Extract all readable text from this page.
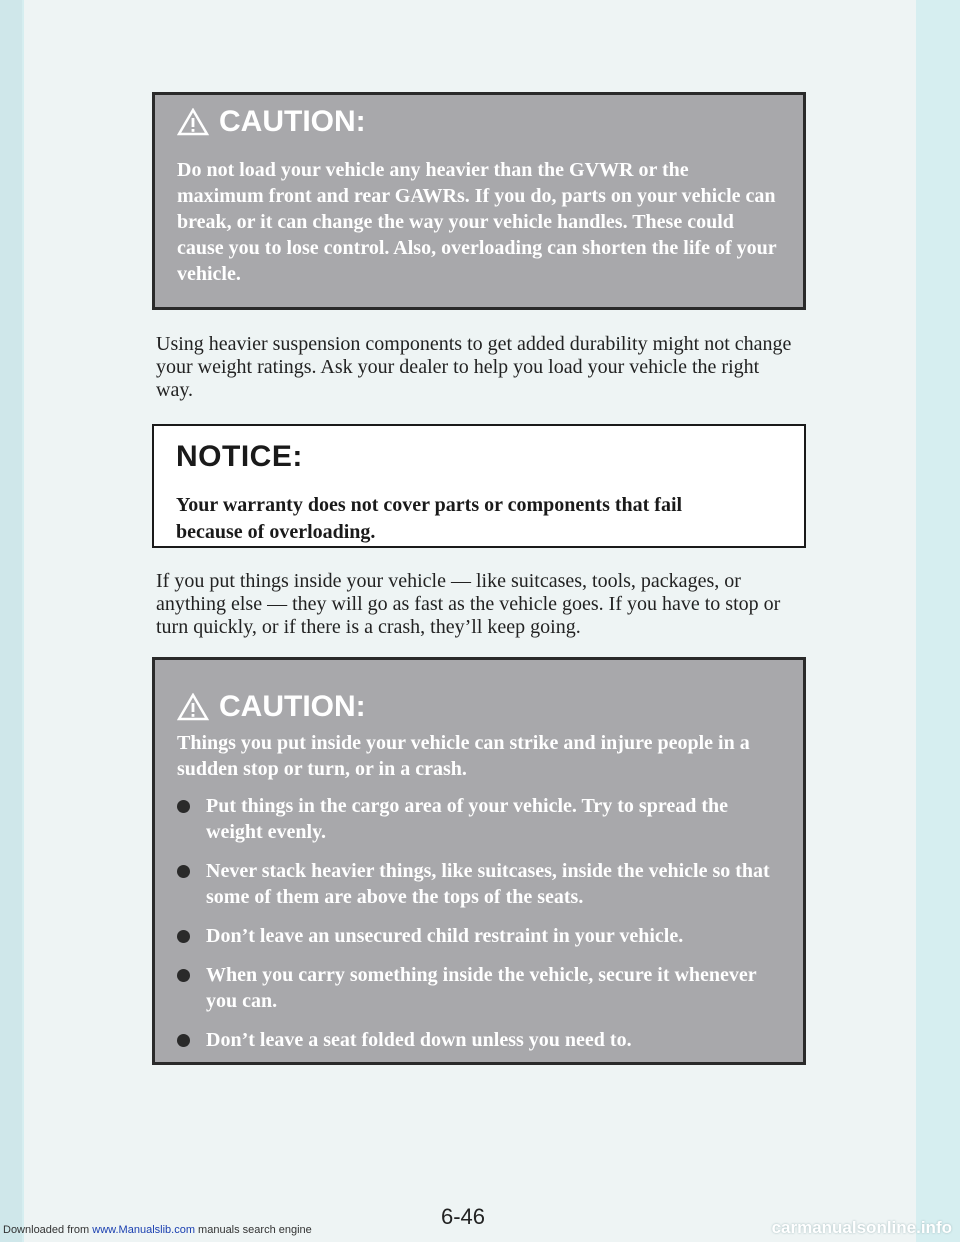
CAUTION:
Do not load your vehicle any heavier than the GVWR or the maximum front and rear GAWRs. If you do, parts on your vehicle can break, or it can change the way your vehicle handles. These could cause you to lose control. Also, overloading can shorten the life of your vehicle.
Using heavier suspension components to get added durability might not change your weight ratings. Ask your dealer to help you load your vehicle the right way.
NOTICE:
Your warranty does not cover parts or components that fail because of overloading.
If you put things inside your vehicle — like suitcases, tools, packages, or anything else — they will go as fast as the vehicle goes. If you have to stop or turn quickly, or if there is a crash, they’ll keep going.
CAUTION:
Things you put inside your vehicle can strike and injure people in a sudden stop or turn, or in a crash.
Put things in the cargo area of your vehicle. Try to spread the weight evenly.
Never stack heavier things, like suitcases, inside the vehicle so that some of them are above the tops of the seats.
Don’t leave an unsecured child restraint in your vehicle.
When you carry something inside the vehicle, secure it whenever you can.
Don’t leave a seat folded down unless you need to.
6-46
Downloaded from www.Manualslib.com manuals search engine	carmanualsonline.info
